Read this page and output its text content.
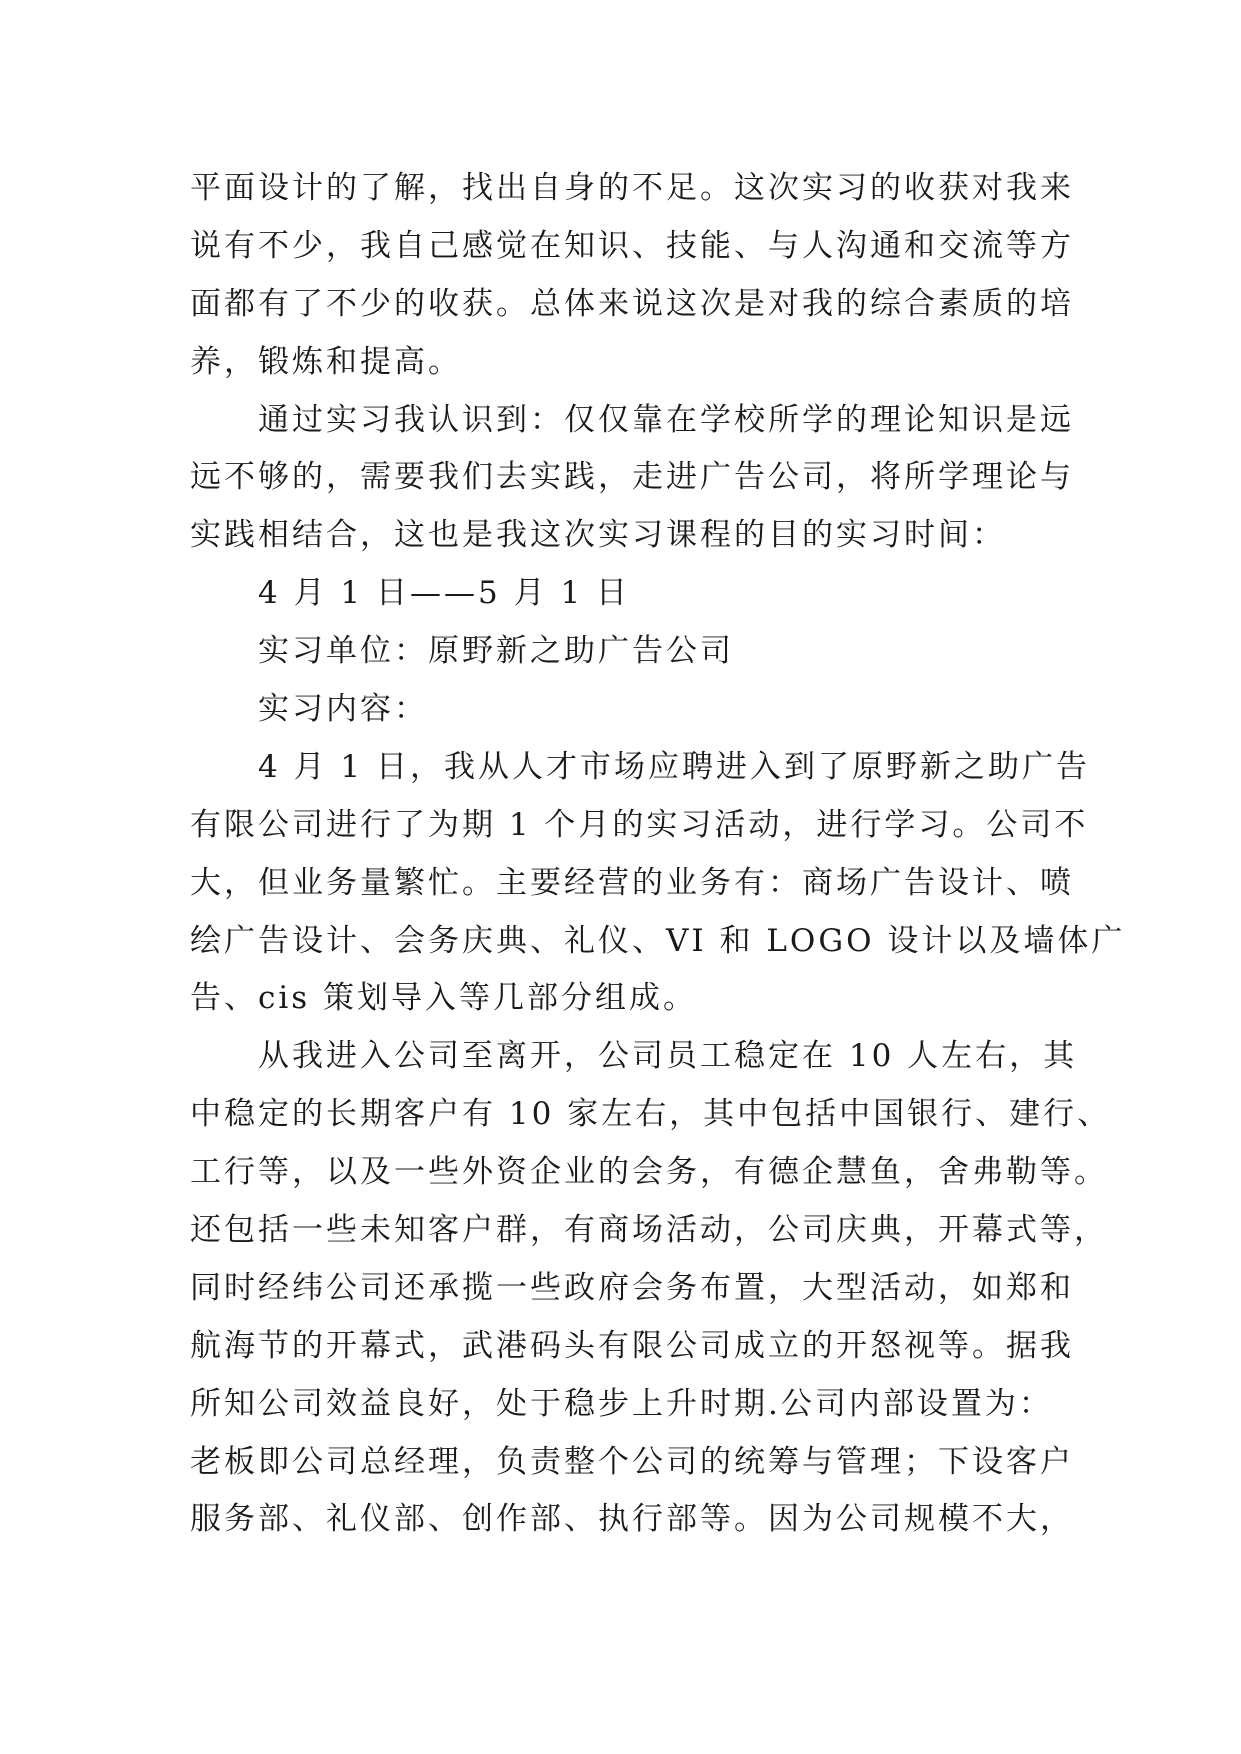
平面设计的了解，找出自身的不足。这次实习的收获对我来
说有不少，我自己感觉在知识、技能、与人沟通和交流等方
面都有了不少的收获。总体来说这次是对我的综合素质的培
养，锻炼和提高。
通过实习我认识到：仅仅靠在学校所学的理论知识是远
远不够的，需要我们去实践，走进广告公司，将所学理论与
实践相结合，这也是我这次实习课程的目的实习时间：
4 月 1 日——5 月 1 日
实习单位：原野新之助广告公司
实习内容：
4 月 1 日，我从人才市场应聘进入到了原野新之助广告
有限公司进行了为期 1 个月的实习活动，进行学习。公司不
大，但业务量繁忙。主要经营的业务有：商场广告设计、喷
绘广告设计、会务庆典、礼仪、VI 和 LOGO 设计以及墙体广
告、cis 策划导入等几部分组成。
从我进入公司至离开，公司员工稳定在 10 人左右，其
中稳定的长期客户有 10 家左右，其中包括中国银行、建行、
工行等，以及一些外资企业的会务，有德企慧鱼，舍弗勒等。
还包括一些未知客户群，有商场活动，公司庆典，开幕式等，
同时经纬公司还承揽一些政府会务布置，大型活动，如郑和
航海节的开幕式，武港码头有限公司成立的开怒视等。据我
所知公司效益良好，处于稳步上升时期.公司内部设置为：
老板即公司总经理，负责整个公司的统筹与管理；下设客户
服务部、礼仪部、创作部、执行部等。因为公司规模不大，
